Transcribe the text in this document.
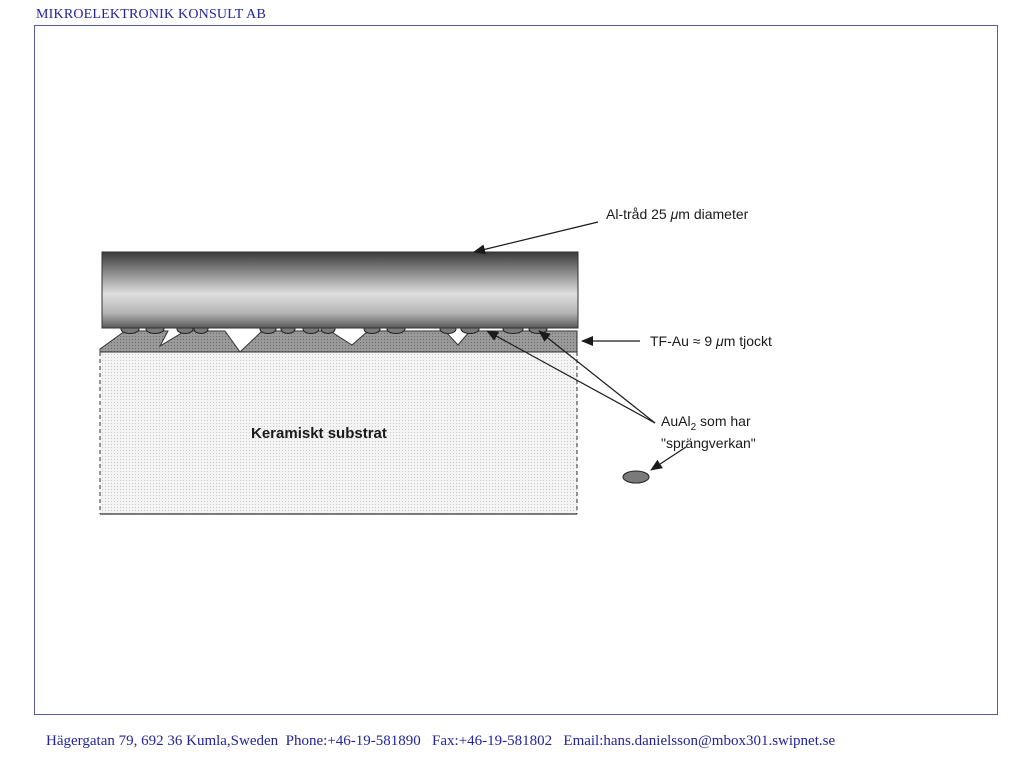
MIKROELEKTRONIK KONSULT AB
Al-tråd 25 μm diameter
TF-Au ≈ 9 μm tjockt
AuAl$_2$ som har
"sprängverkan"
Keramiskt substrat
Hägergatan 79, 692 36 Kumla,Sweden  Phone:+46-19-581890   Fax:+46-19-581802   Email:hans.danielsson@mbox301.swipnet.se
